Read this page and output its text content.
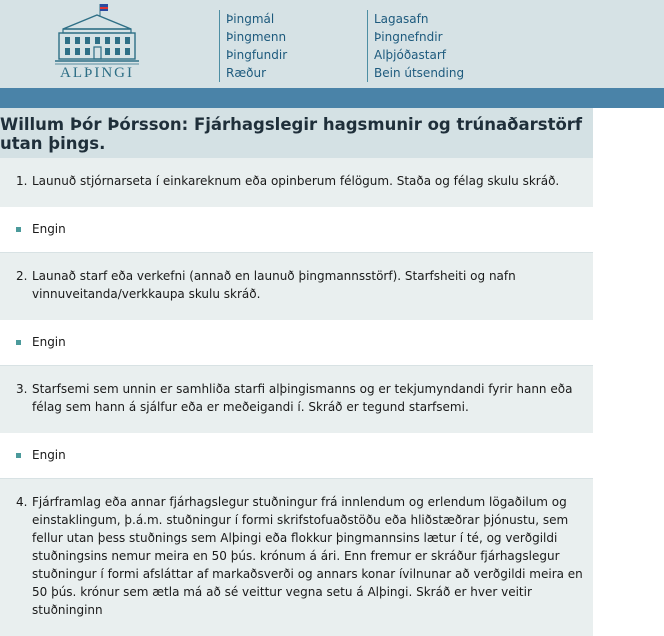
ALÞINGI
Þingmál
Þingmenn
Þingfundir
Ræður
Lagasafn
Þingnefndir
Alþjóðastarf
Bein útsending
Willum Þór Þórsson: Fjárhagslegir hagsmunir og trúnaðarstörf utan þings.
1. Launuð stjórnarseta í einkareknum eða opinberum félögum. Staða og félag skulu skráð.
Engin
2. Launað starf eða verkefni (annað en launuð þingmannsstörf). Starfsheiti og nafn vinnuveitanda/verkkaupa skulu skráð.
Engin
3. Starfsemi sem unnin er samhliða starfi alþingismanns og er tekjumyndandi fyrir hann eða félag sem hann á sjálfur eða er meðeigandi í. Skráð er tegund starfsemi.
Engin
4. Fjárframlag eða annar fjárhagslegur stuðningur frá innlendum og erlendum lögaðilum og einstaklingum, þ.á.m. stuðningur í formi skrifstofuaðstöðu eða hliðstæðrar þjónustu, sem fellur utan þess stuðnings sem Alþingi eða flokkur þingmannsins lætur í té, og verðgildi stuðningsins nemur meira en 50 þús. krónum á ári. Enn fremur er skráður fjárhagslegur stuðningur í formi afsláttar af markaðsverði og annars konar ívilnunar að verðgildi meira en 50 þús. krónur sem ætla má að sé veittur vegna setu á Alþingi. Skráð er hver veitir stuðninginn
